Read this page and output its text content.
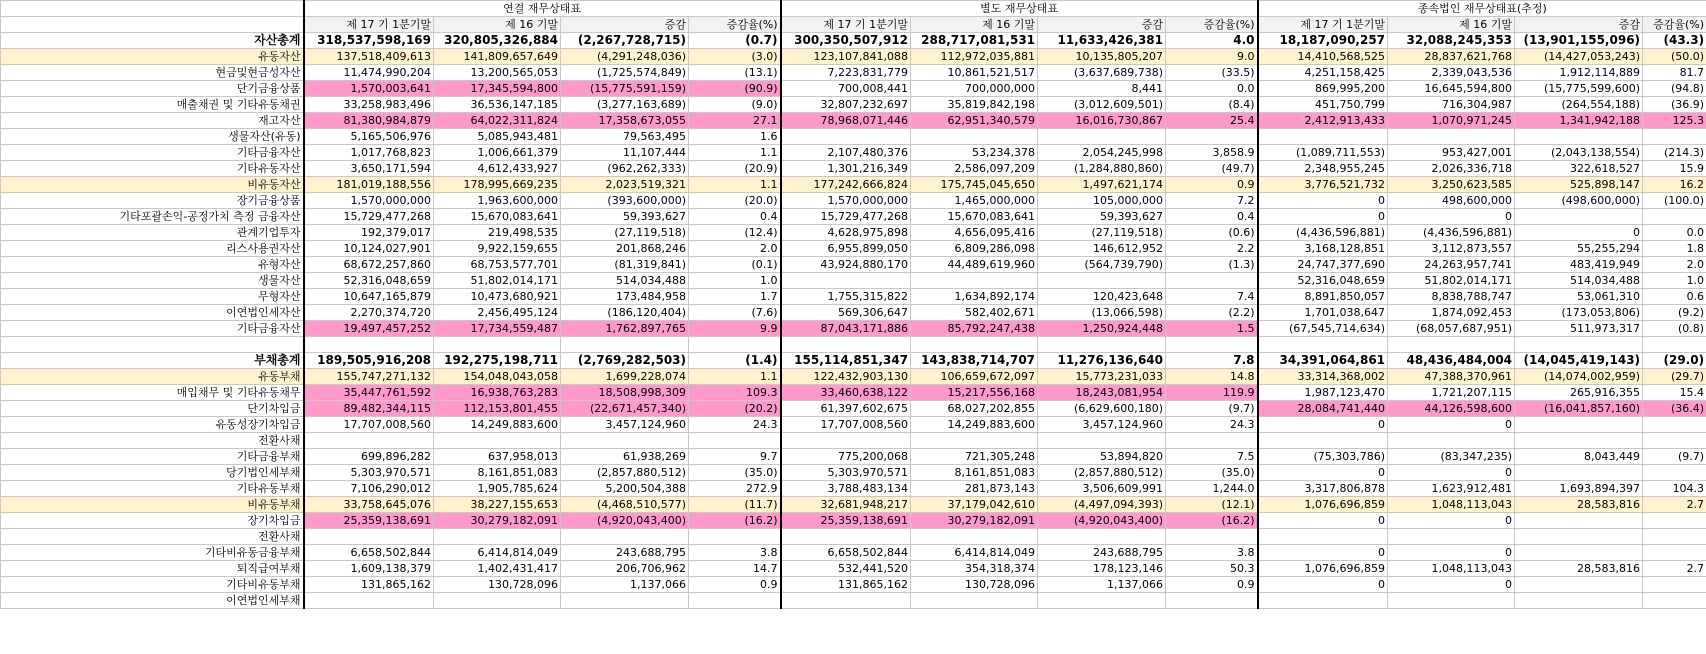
	연결 재무상태표				별도 재무상태표				종속법인 재무상태표(추정)			
	제 17 기 1분기말	제 16 기말	증감	증감율(%)	제 17 기 1분기말	제 16 기말	증감	증감율(%)	제 17 기 1분기말	제 16 기말	증감	증감율(%)
자산총계	318,537,598,169	320,805,326,884	(2,267,728,715)	(0.7)	300,350,507,912	288,717,081,531	11,633,426,381	4.0	18,187,090,257	32,088,245,353	(13,901,155,096)	(43.3)
유동자산	137,518,409,613	141,809,657,649	(4,291,248,036)	(3.0)	123,107,841,088	112,972,035,881	10,135,805,207	9.0	14,410,568,525	28,837,621,768	(14,427,053,243)	(50.0)
현금및현금성자산	11,474,990,204	13,200,565,053	(1,725,574,849)	(13.1)	7,223,831,779	10,861,521,517	(3,637,689,738)	(33.5)	4,251,158,425	2,339,043,536	1,912,114,889	81.7
단기금융상품	1,570,003,641	17,345,594,800	(15,775,591,159)	(90.9)	700,008,441	700,000,000	8,441	0.0	869,995,200	16,645,594,800	(15,775,599,600)	(94.8)
매출채권 및 기타유동채권	33,258,983,496	36,536,147,185	(3,277,163,689)	(9.0)	32,807,232,697	35,819,842,198	(3,012,609,501)	(8.4)	451,750,799	716,304,987	(264,554,188)	(36.9)
재고자산	81,380,984,879	64,022,311,824	17,358,673,055	27.1	78,968,071,446	62,951,340,579	16,016,730,867	25.4	2,412,913,433	1,070,971,245	1,341,942,188	125.3
생물자산(유동)	5,165,506,976	5,085,943,481	79,563,495	1.6								
기타금융자산	1,017,768,823	1,006,661,379	11,107,444	1.1	2,107,480,376	53,234,378	2,054,245,998	3,858.9	(1,089,711,553)	953,427,001	(2,043,138,554)	(214.3)
기타유동자산	3,650,171,594	4,612,433,927	(962,262,333)	(20.9)	1,301,216,349	2,586,097,209	(1,284,880,860)	(49.7)	2,348,955,245	2,026,336,718	322,618,527	15.9
비유동자산	181,019,188,556	178,995,669,235	2,023,519,321	1.1	177,242,666,824	175,745,045,650	1,497,621,174	0.9	3,776,521,732	3,250,623,585	525,898,147	16.2
장기금융상품	1,570,000,000	1,963,600,000	(393,600,000)	(20.0)	1,570,000,000	1,465,000,000	105,000,000	7.2	0	498,600,000	(498,600,000)	(100.0)
기타포괄손익-공정가치 측정 금융자산	15,729,477,268	15,670,083,641	59,393,627	0.4	15,729,477,268	15,670,083,641	59,393,627	0.4	0	0		
관계기업투자	192,379,017	219,498,535	(27,119,518)	(12.4)	4,628,975,898	4,656,095,416	(27,119,518)	(0.6)	(4,436,596,881)	(4,436,596,881)	0	0.0
리스사용권자산	10,124,027,901	9,922,159,655	201,868,246	2.0	6,955,899,050	6,809,286,098	146,612,952	2.2	3,168,128,851	3,112,873,557	55,255,294	1.8
유형자산	68,672,257,860	68,753,577,701	(81,319,841)	(0.1)	43,924,880,170	44,489,619,960	(564,739,790)	(1.3)	24,747,377,690	24,263,957,741	483,419,949	2.0
생물자산	52,316,048,659	51,802,014,171	514,034,488	1.0					52,316,048,659	51,802,014,171	514,034,488	1.0
무형자산	10,647,165,879	10,473,680,921	173,484,958	1.7	1,755,315,822	1,634,892,174	120,423,648	7.4	8,891,850,057	8,838,788,747	53,061,310	0.6
이연법인세자산	2,270,374,720	2,456,495,124	(186,120,404)	(7.6)	569,306,647	582,402,671	(13,066,598)	(2.2)	1,701,038,647	1,874,092,453	(173,053,806)	(9.2)
기타금융자산	19,497,457,252	17,734,559,487	1,762,897,765	9.9	87,043,171,886	85,792,247,438	1,250,924,448	1.5	(67,545,714,634)	(68,057,687,951)	511,973,317	(0.8)

부채총계	189,505,916,208	192,275,198,711	(2,769,282,503)	(1.4)	155,114,851,347	143,838,714,707	11,276,136,640	7.8	34,391,064,861	48,436,484,004	(14,045,419,143)	(29.0)
유동부채	155,747,271,132	154,048,043,058	1,699,228,074	1.1	122,432,903,130	106,659,672,097	15,773,231,033	14.8	33,314,368,002	47,388,370,961	(14,074,002,959)	(29.7)
매입채무 및 기타유동채무	35,447,761,592	16,938,763,283	18,508,998,309	109.3	33,460,638,122	15,217,556,168	18,243,081,954	119.9	1,987,123,470	1,721,207,115	265,916,355	15.4
단기차입금	89,482,344,115	112,153,801,455	(22,671,457,340)	(20.2)	61,397,602,675	68,027,202,855	(6,629,600,180)	(9.7)	28,084,741,440	44,126,598,600	(16,041,857,160)	(36.4)
유동성장기차입금	17,707,008,560	14,249,883,600	3,457,124,960	24.3	17,707,008,560	14,249,883,600	3,457,124,960	24.3	0	0		
전환사채												
기타금융부채	699,896,282	637,958,013	61,938,269	9.7	775,200,068	721,305,248	53,894,820	7.5	(75,303,786)	(83,347,235)	8,043,449	(9.7)
당기법인세부채	5,303,970,571	8,161,851,083	(2,857,880,512)	(35.0)	5,303,970,571	8,161,851,083	(2,857,880,512)	(35.0)	0	0		
기타유동부채	7,106,290,012	1,905,785,624	5,200,504,388	272.9	3,788,483,134	281,873,143	3,506,609,991	1,244.0	3,317,806,878	1,623,912,481	1,693,894,397	104.3
비유동부채	33,758,645,076	38,227,155,653	(4,468,510,577)	(11.7)	32,681,948,217	37,179,042,610	(4,497,094,393)	(12.1)	1,076,696,859	1,048,113,043	28,583,816	2.7
장기차입금	25,359,138,691	30,279,182,091	(4,920,043,400)	(16.2)	25,359,138,691	30,279,182,091	(4,920,043,400)	(16.2)	0	0		
전환사채												
기타비유동금융부채	6,658,502,844	6,414,814,049	243,688,795	3.8	6,658,502,844	6,414,814,049	243,688,795	3.8	0	0		
퇴직급여부채	1,609,138,379	1,402,431,417	206,706,962	14.7	532,441,520	354,318,374	178,123,146	50.3	1,076,696,859	1,048,113,043	28,583,816	2.7
기타비유동부채	131,865,162	130,728,096	1,137,066	0.9	131,865,162	130,728,096	1,137,066	0.9	0	0		
이연법인세부채												
